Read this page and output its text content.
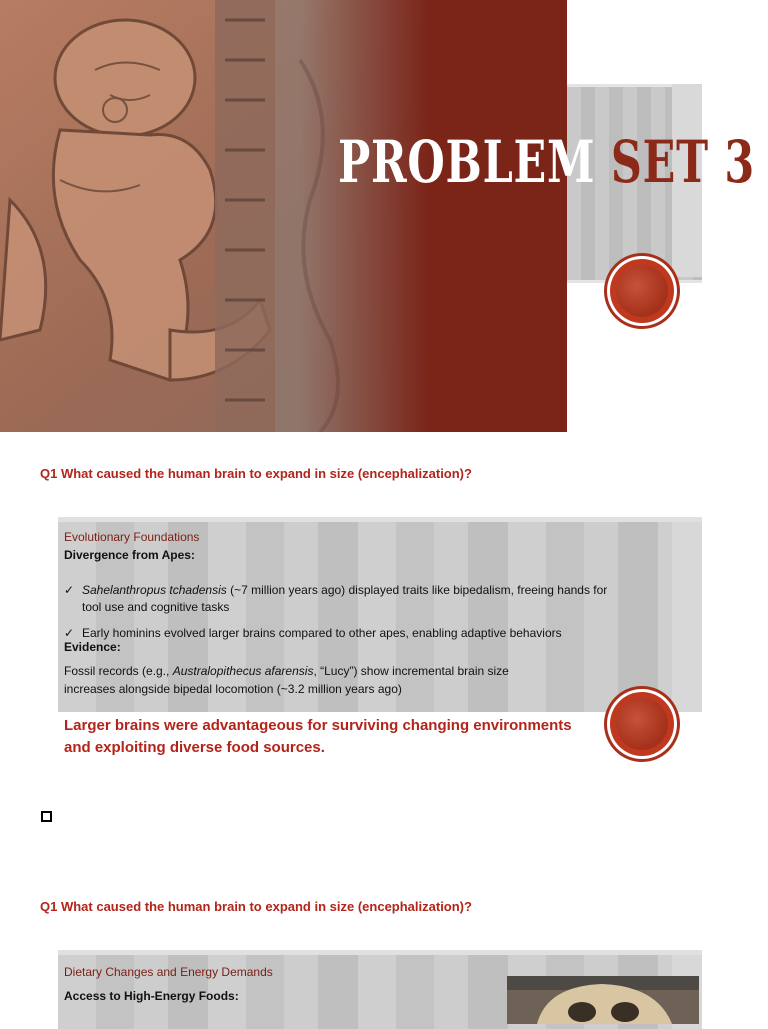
PROBLEM SET 3
Q1 What caused the human brain to expand in size (encephalization)?
Evolutionary Foundations
Divergence from Apes:
✓ Sahelanthropus tchadensis (~7 million years ago) displayed traits like bipedalism, freeing hands for
tool use and cognitive tasks
✓ Early hominins evolved larger brains compared to other apes, enabling adaptive behaviors
Evidence:
Fossil records (e.g., Australopithecus afarensis, “Lucy”) show incremental brain size
increases alongside bipedal locomotion (~3.2 million years ago)
Larger brains were advantageous for surviving changing environments and exploiting diverse food sources.
Q1 What caused the human brain to expand in size (encephalization)?
Dietary Changes and Energy Demands
Access to High-Energy Foods:
